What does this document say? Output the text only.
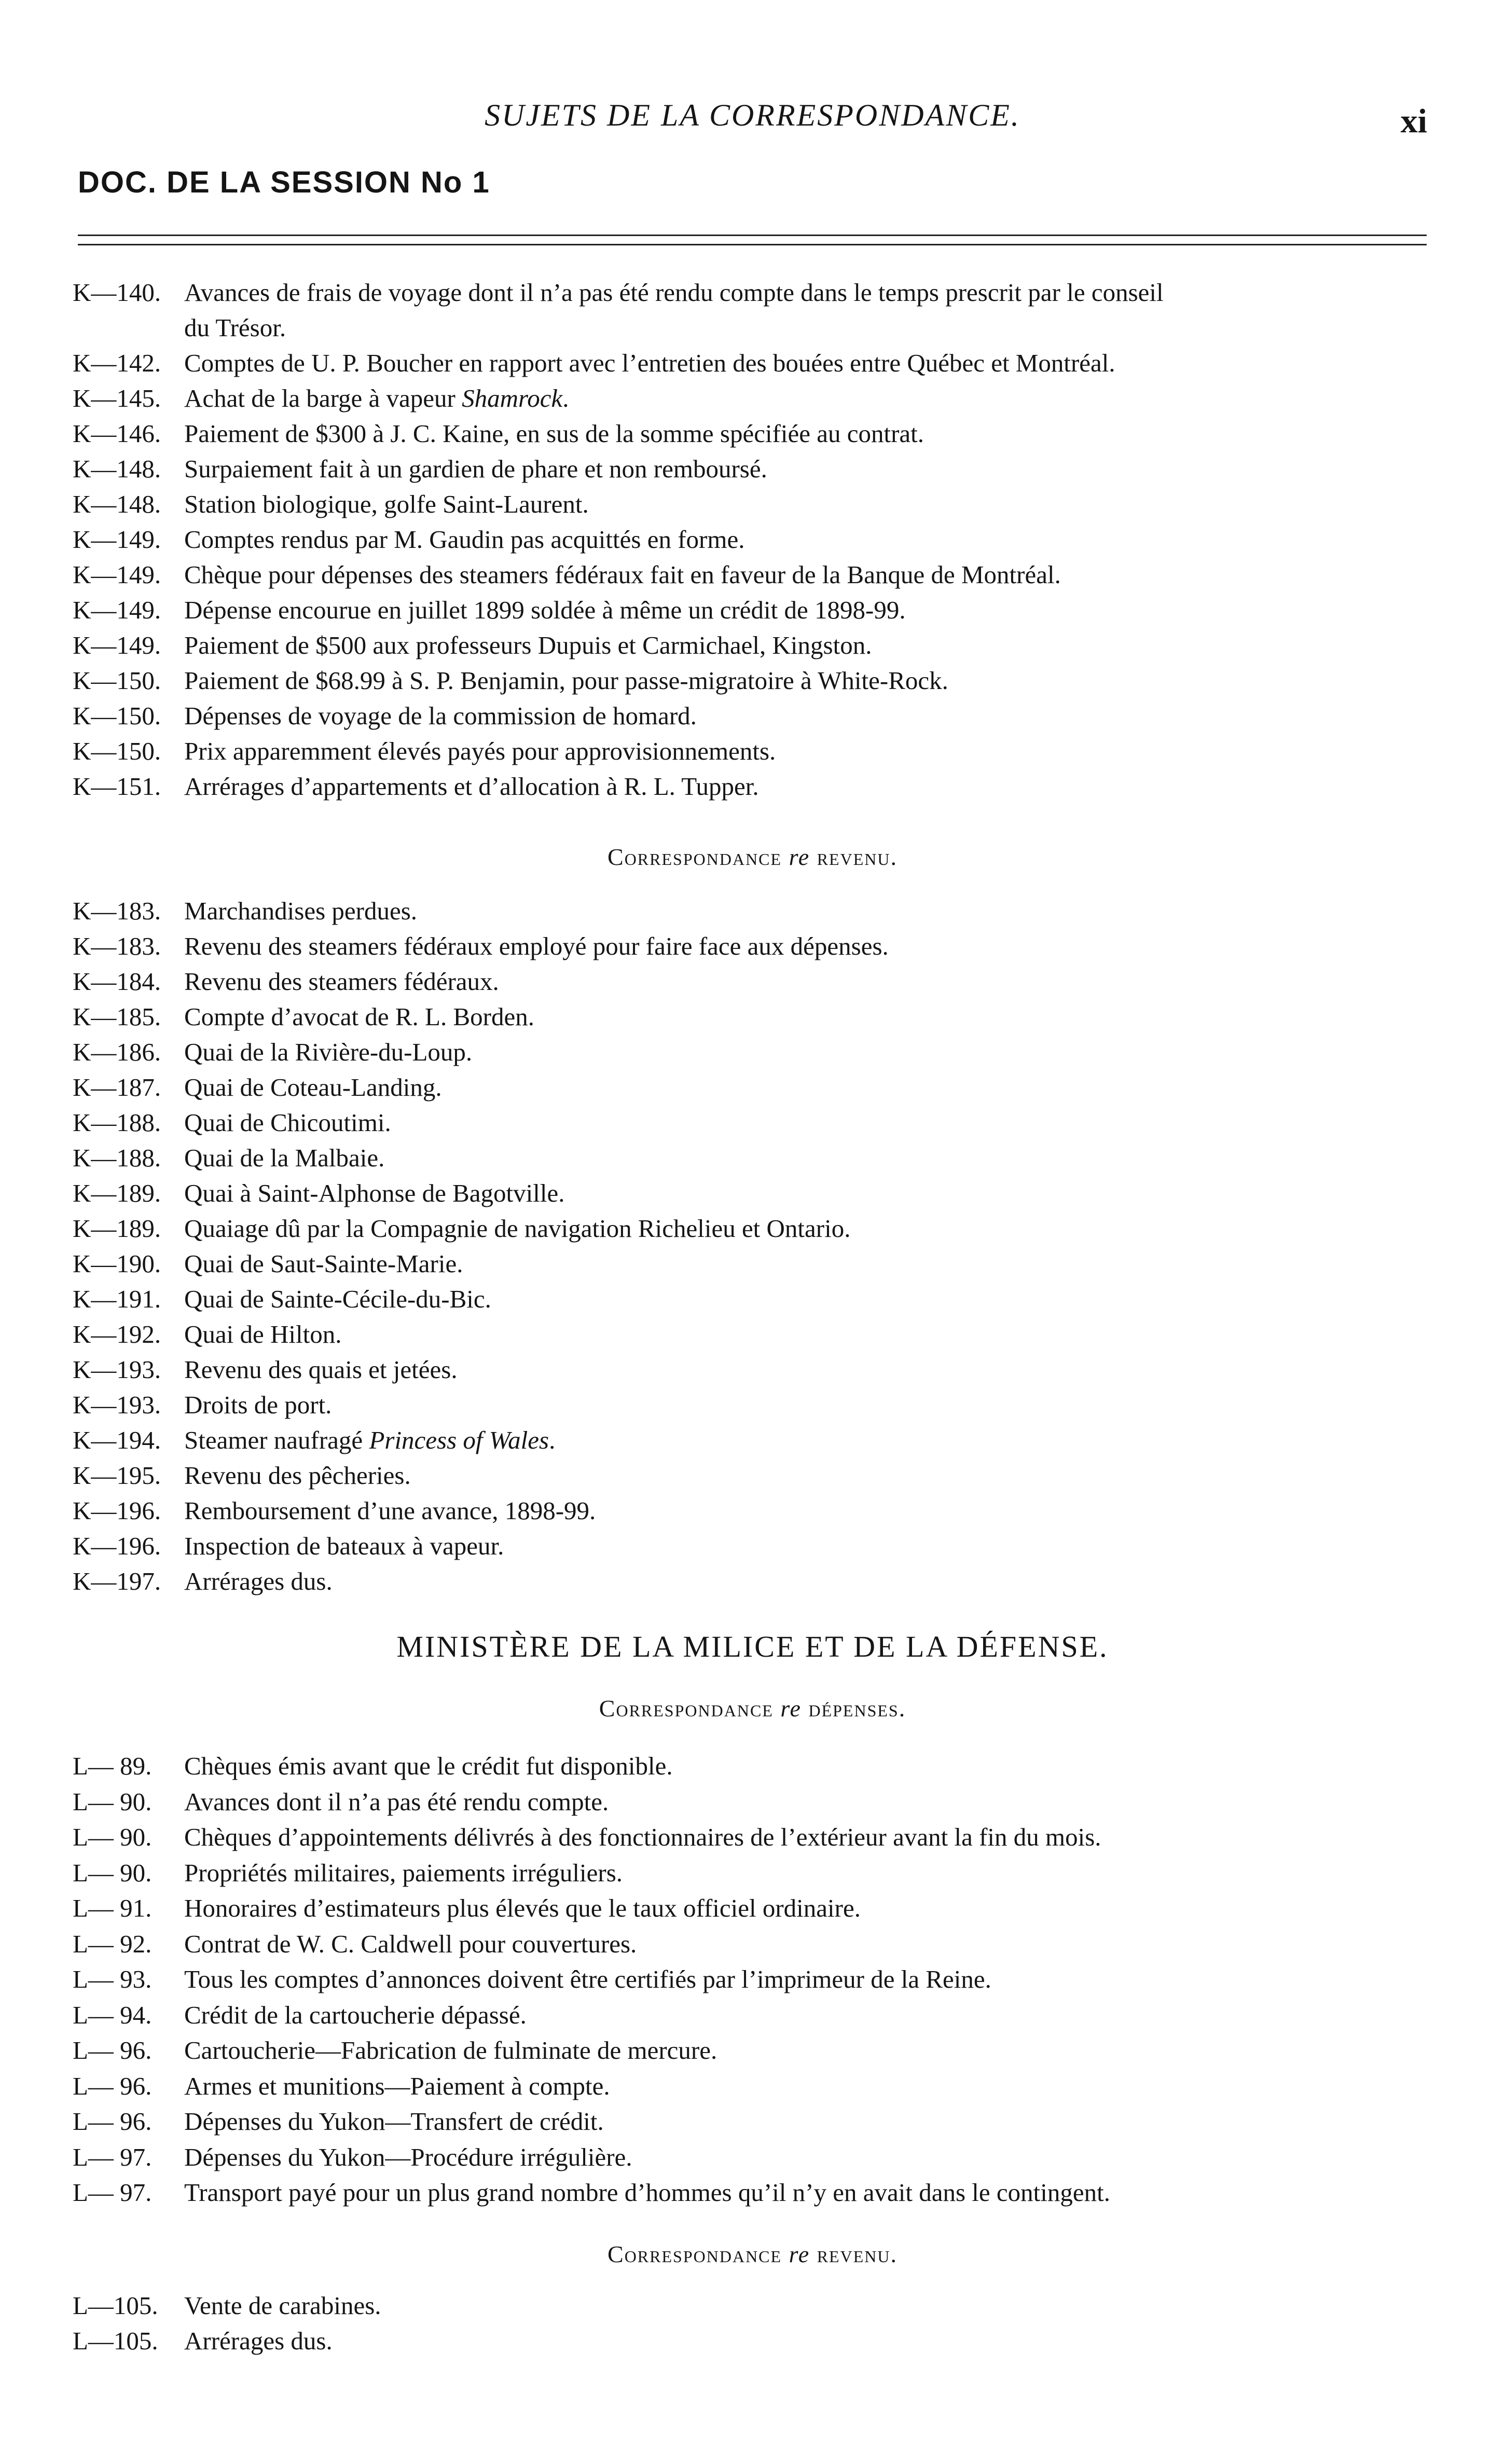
SUJETS DE LA CORRESPONDANCE.	xi
DOC. DE LA SESSION No 1
K—140. Avances de frais de voyage dont il n’a pas été rendu compte dans le temps prescrit par le conseil
du Trésor.
K—142. Comptes de U. P. Boucher en rapport avec l’entretien des bouées entre Québec et Montréal.
K—145. Achat de la barge à vapeur Shamrock.
K—146. Paiement de $300 à J. C. Kaine, en sus de la somme spécifiée au contrat.
K—148. Surpaiement fait à un gardien de phare et non remboursé.
K—148. Station biologique, golfe Saint-Laurent.
K—149. Comptes rendus par M. Gaudin pas acquittés en forme.
K—149. Chèque pour dépenses des steamers fédéraux fait en faveur de la Banque de Montréal.
K—149. Dépense encourue en juillet 1899 soldée à même un crédit de 1898-99.
K—149. Paiement de $500 aux professeurs Dupuis et Carmichael, Kingston.
K—150. Paiement de $68.99 à S. P. Benjamin, pour passe-migratoire à White-Rock.
K—150. Dépenses de voyage de la commission de homard.
K—150. Prix apparemment élevés payés pour approvisionnements.
K—151. Arrérages d’appartements et d’allocation à R. L. Tupper.
Correspondance re revenu.
K—183. Marchandises perdues.
K—183. Revenu des steamers fédéraux employé pour faire face aux dépenses.
K—184. Revenu des steamers fédéraux.
K—185. Compte d’avocat de R. L. Borden.
K—186. Quai de la Rivière-du-Loup.
K—187. Quai de Coteau-Landing.
K—188. Quai de Chicoutimi.
K—188. Quai de la Malbaie.
K—189. Quai à Saint-Alphonse de Bagotville.
K—189. Quaiage dû par la Compagnie de navigation Richelieu et Ontario.
K—190. Quai de Saut-Sainte-Marie.
K—191. Quai de Sainte-Cécile-du-Bic.
K—192. Quai de Hilton.
K—193. Revenu des quais et jetées.
K—193. Droits de port.
K—194. Steamer naufragé Princess of Wales.
K—195. Revenu des pêcheries.
K—196. Remboursement d’une avance, 1898-99.
K—196. Inspection de bateaux à vapeur.
K—197. Arrérages dus.
MINISTÈRE DE LA MILICE ET DE LA DÉFENSE.
Correspondance re dépenses.
L— 89.	Chèques émis avant que le crédit fut disponible.
L— 90.	Avances dont il n’a pas été rendu compte.
L— 90.	Chèques d’appointements délivrés à des fonctionnaires de l’extérieur avant la fin du mois.
L— 90.	Propriétés militaires, paiements irréguliers.
L— 91.	Honoraires d’estimateurs plus élevés que le taux officiel ordinaire.
L— 92.	Contrat de W. C. Caldwell pour couvertures.
L— 93.	Tous les comptes d’annonces doivent être certifiés par l’imprimeur de la Reine.
L— 94.	Crédit de la cartoucherie dépassé.
L— 96.	Cartoucherie—Fabrication de fulminate de mercure.
L— 96.	Armes et munitions—Paiement à compte.
L— 96.	Dépenses du Yukon—Transfert de crédit.
L— 97.	Dépenses du Yukon—Procédure irrégulière.
L— 97.	Transport payé pour un plus grand nombre d’hommes qu’il n’y en avait dans le contingent.
Correspondance re revenu.
L—105.	Vente de carabines.
L—105.	Arrérages dus.
